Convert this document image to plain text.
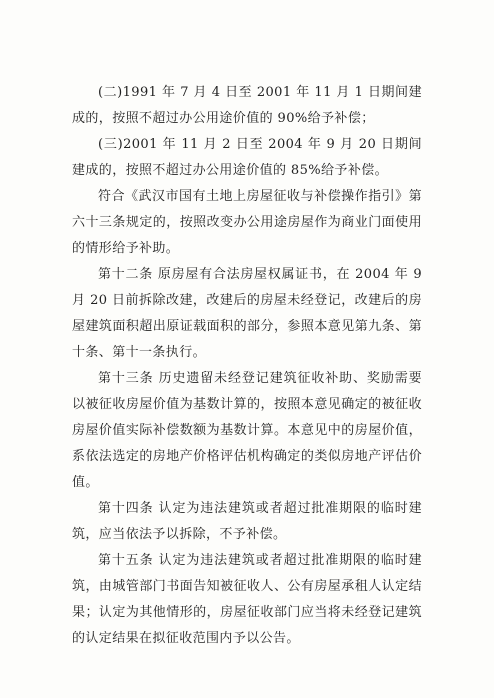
(二)1991 年 7 月 4 日至 2001 年 11 月 1 日期间建成的，按照不超过办公用途价值的 90%给予补偿；

(三)2001 年 11 月 2 日至 2004 年 9 月 20 日期间建成的，按照不超过办公用途价值的 85%给予补偿。

符合《武汉市国有土地上房屋征收与补偿操作指引》第六十三条规定的，按照改变办公用途房屋作为商业门面使用的情形给予补助。

第十二条 原房屋有合法房屋权属证书，在 2004 年 9 月 20 日前拆除改建，改建后的房屋未经登记，改建后的房屋建筑面积超出原证载面积的部分，参照本意见第九条、第十条、第十一条执行。

第十三条 历史遗留未经登记建筑征收补助、奖励需要以被征收房屋价值为基数计算的，按照本意见确定的被征收房屋价值实际补偿数额为基数计算。本意见中的房屋价值，系依法选定的房地产价格评估机构确定的类似房地产评估价值。

第十四条 认定为违法建筑或者超过批准期限的临时建筑，应当依法予以拆除，不予补偿。

第十五条 认定为违法建筑或者超过批准期限的临时建筑，由城管部门书面告知被征收人、公有房屋承租人认定结果；认定为其他情形的，房屋征收部门应当将未经登记建筑的认定结果在拟征收范围内予以公告。
